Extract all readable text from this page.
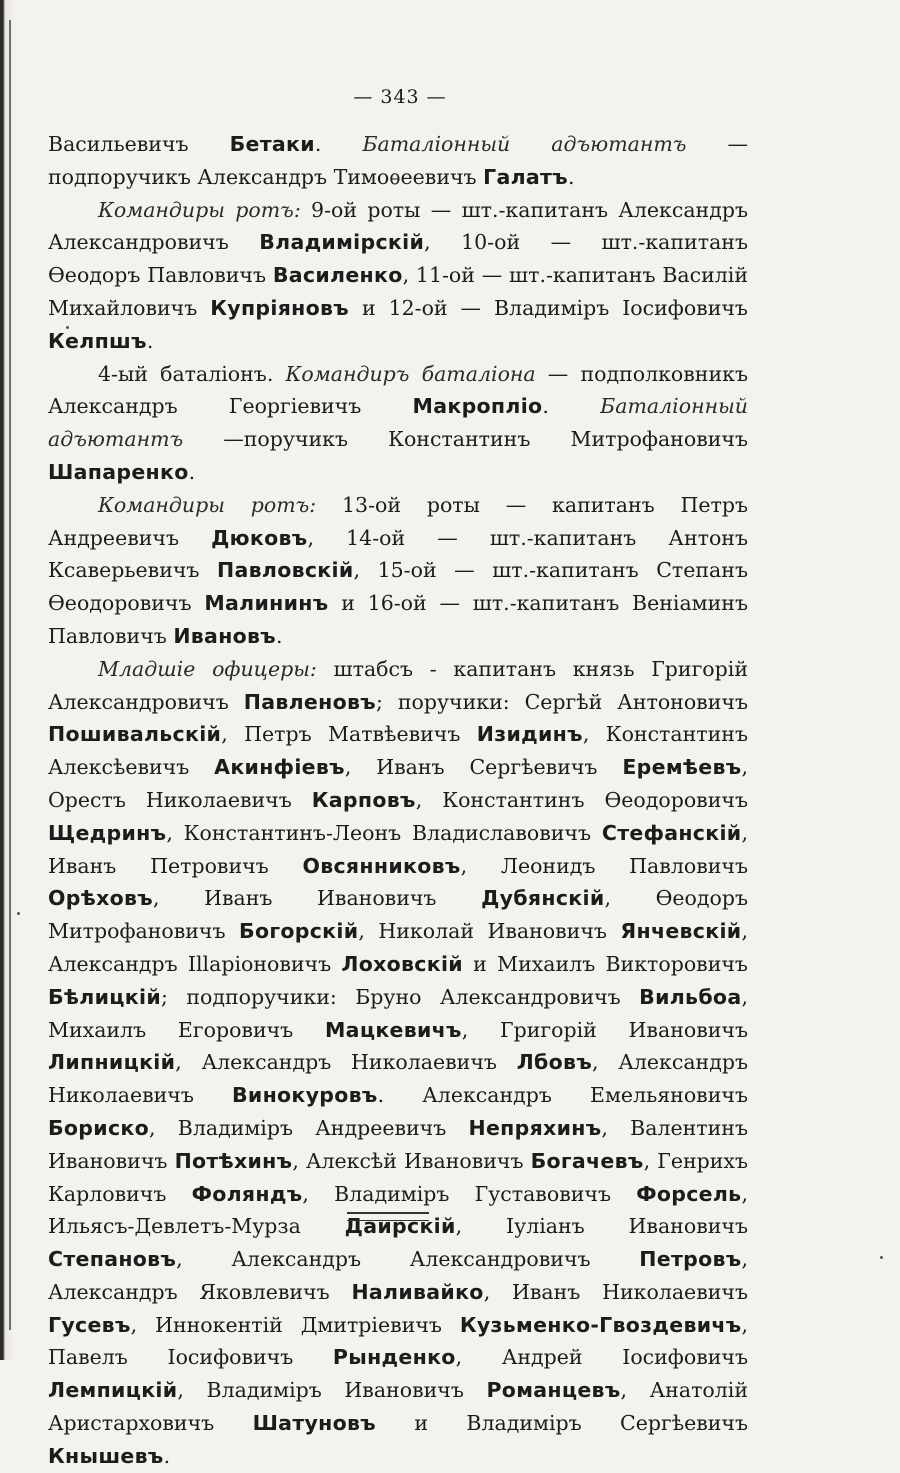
— 343 —

Васильевичъ Бетаки. Баталіонный адъютантъ — подпоручикъ Александръ Тимоѳеевичъ Галатъ.

Командиры ротъ: 9-ой роты — шт.-капитанъ Александръ Александровичъ Владимірскій, 10-ой — шт.-капитанъ Ѳеодоръ Павловичъ Василенко, 11-ой — шт.-капитанъ Василій Михайловичъ Купріяновъ и 12-ой — Владиміръ Іосифовичъ Келпшъ.

4-ый баталіонъ. Командиръ баталіона — подполковникъ Александръ Георгіевичъ Макропліо. Баталіонный адъютантъ —поручикъ Константинъ Митрофановичъ Шапаренко.

Командиры ротъ: 13-ой роты — капитанъ Петръ Андреевичъ Дюковъ, 14-ой — шт.-капитанъ Антонъ Ксаверьевичъ Павловскій, 15-ой — шт.-капитанъ Степанъ Ѳеодоровичъ Малининъ и 16-ой — шт.-капитанъ Веніаминъ Павловичъ Ивановъ.

Младшіе офицеры: штабсъ - капитанъ князь Григорій Александровичъ Павленовъ; поручики: Сергѣй Антоновичъ Пошивальскій, Петръ Матвѣевичъ Изидинъ, Константинъ Алексѣевичъ Акинфіевъ, Иванъ Сергѣевичъ Еремѣевъ, Орестъ Николаевичъ Карповъ, Константинъ Ѳеодоровичъ Щедринъ, Константинъ-Леонъ Владиславовичъ Стефанскій, Иванъ Петровичъ Овсянниковъ, Леонидъ Павловичъ Орѣховъ, Иванъ Ивановичъ Дубянскій, Ѳеодоръ Митрофановичъ Богорскій, Николай Ивановичъ Янчевскій, Александръ Illаріоновичъ Лоховскій и Михаилъ Викторовичъ Бѣлицкій; подпоручики: Бруно Александровичъ Вильбоа, Михаилъ Егоровичъ Мацкевичъ, Григорій Ивановичъ Липницкій, Александръ Николаевичъ Лбовъ, Александръ Николаевичъ Винокуровъ. Александръ Емельяновичъ Бориско, Владиміръ Андреевичъ Непряхинъ, Валентинъ Ивановичъ Потѣхинъ, Алексѣй Ивановичъ Богачевъ, Генрихъ Карловичъ Фоляндъ, Владиміръ Густавовичъ Форсель, Ильясъ-Девлетъ-Мурза Даирскій, Іуліанъ Ивановичъ Степановъ, Александръ Александровичъ Петровъ, Александръ Яковлевичъ Наливайко, Иванъ Николаевичъ Гусевъ, Иннокентій Дмитріевичъ Кузьменко-Гвоздевичъ, Павелъ Іосифовичъ Рынденко, Андрей Іосифовичъ Лемпицкій, Владиміръ Ивановичъ Романцевъ, Анатолій Аристарховичъ Шатуновъ и Владиміръ Сергѣевичъ Кнышевъ.
